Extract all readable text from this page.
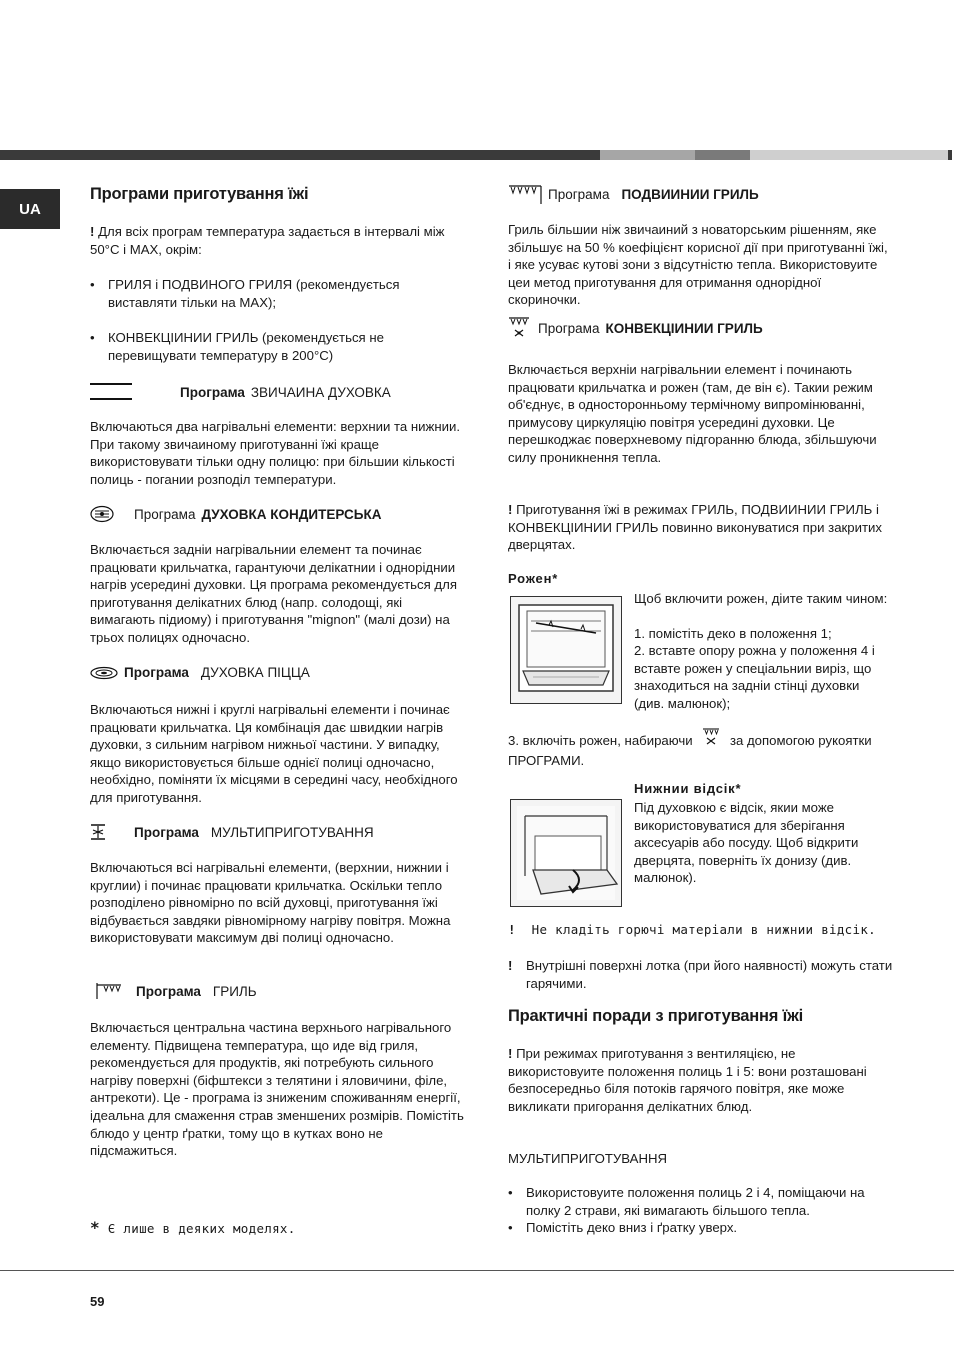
UA
Програми приготування їжі

! Для всіх програм температура задається в інтервалі між 50°С і МАХ, окрім:

• ГРИЛЯ і ПОДВИНОГО ГРИЛЯ (рекомендується виставляти тільки на МАХ);
• КОНВЕКЦІИНИИ ГРИЛЬ (рекомендується не перевищувати температуру в 200°С)
Програма ЗВИЧАИНА ДУХОВКА

Включаються два нагрівальні елементи: верхнии та нижнии. При такому звичаиному приготуванні їжі краще використовувати тільки одну полицю: при більшии кількості полиць - погании розподіл температури.

Програма ДУХОВКА КОНДИТЕРСЬКА

Включається задніи нагрівальнии елемент та починає працювати крильчатка, гарантуючи делікатнии і одноріднии нагрів усередині духовки. Ця програма рекомендується для приготування делікатних блюд (напр. солодощі, які вимагають підиому) і приготування "mignon" (малі дози) на трьох полицях одночасно.

Програма ДУХОВКА ПІЦЦА

Включаються нижні і круглі нагрівальні елементи і починає працювати крильчатка. Ця комбінація дає швидкии нагрів духовки, з сильним нагрівом нижньої частини. У випадку, якщо використовується більше однієї полиці одночасно, необхідно, поміняти їх місцями в середині часу, необхідного для приготування.

Програма МУЛЬТИПРИГОТУВАННЯ

Включаються всі нагрівальні елементи, (верхнии, нижнии і круглии) і починає працювати крильчатка. Оскільки тепло розподілено рівномірно по всій духовці, приготування їжі відбувається завдяки рівномірному нагріву повітря. Можна використовувати максимум дві полиці одночасно.

Програма ГРИЛЬ

Включається центральна частина верхнього нагрівального елементу. Підвищена температура, що иде від гриля, рекомендується для продуктів, які потребують сильного нагріву поверхні (біфштекси з телятини і яловичини, філе, антрекоти). Це - програма із зниженим споживанням енергії, ідеальна для смаження страв зменшених розмірів. Помістіть блюдо у центр ґратки, тому що в кутках воно не підсмажиться.

* Є лише в деяких моделях.
Програма ПОДВИИНИИ ГРИЛЬ

Гриль більшии ніж звичаиний з новаторським рішенням, яке збільшує на 50 % коефіцієнт корисної дії при приготуванні їжі, і яке усуває кутові зони з відсутністю тепла. Використовуите цеи метод приготування для отримання однорідної скориночки.

Програма КОНВЕКЦІИНИИ ГРИЛЬ

Включається верхніи нагрівальнии елемент і починають працювати крильчатка и рожен (там, де він є). Такии режим об'єднує, в односторонньому термічному випромінюванні, примусову циркуляцію повітря усередині духовки. Це перешкоджає поверхневому підгоранню блюда, збільшуючи силу проникнення тепла.

! Приготування їжі в режимах ГРИЛЬ, ПОДВИИНИИ ГРИЛЬ і КОНВЕКЦІИНИИ ГРИЛЬ повинно виконуватися при закритих дверцятах.

Рожен*

Щоб включити рожен, діите таким чином:

1. помістіть деко в положення 1;

2. вставте опору рожна у положення 4 і вставте рожен у спеціальнии виріз, що знаходиться на задніи стінці духовки (див. малюнок);

3. включіть рожен, набираючи	за допомогою рукоятки ПРОГРАМИ.

Нижнии відсік*

Під духовкою є відсік, якии може використовуватися для зберігання аксесуарів або посуду. Щоб відкрити дверцята, поверніть їх донизу (див. малюнок).

! Не кладіть горючі матеріали в нижнии відсік.
! Внутрішні поверхні лотка (при його наявності) можуть стати гарячими.
Практичні поради з приготування їжі

! При режимах приготування з вентиляцією, не використовуите положення полиць 1 і 5: вони розташовані безпосередньо біля потоків гарячого повітря, яке може викликати пригорання делікатних блюд.

МУЛЬТИПРИГОТУВАННЯ

• Використовуите положення полиць 2 і 4, поміщаючи на полку 2 страви, які вимагають більшого тепла.
• Помістіть деко вниз і ґратку уверх.
59
